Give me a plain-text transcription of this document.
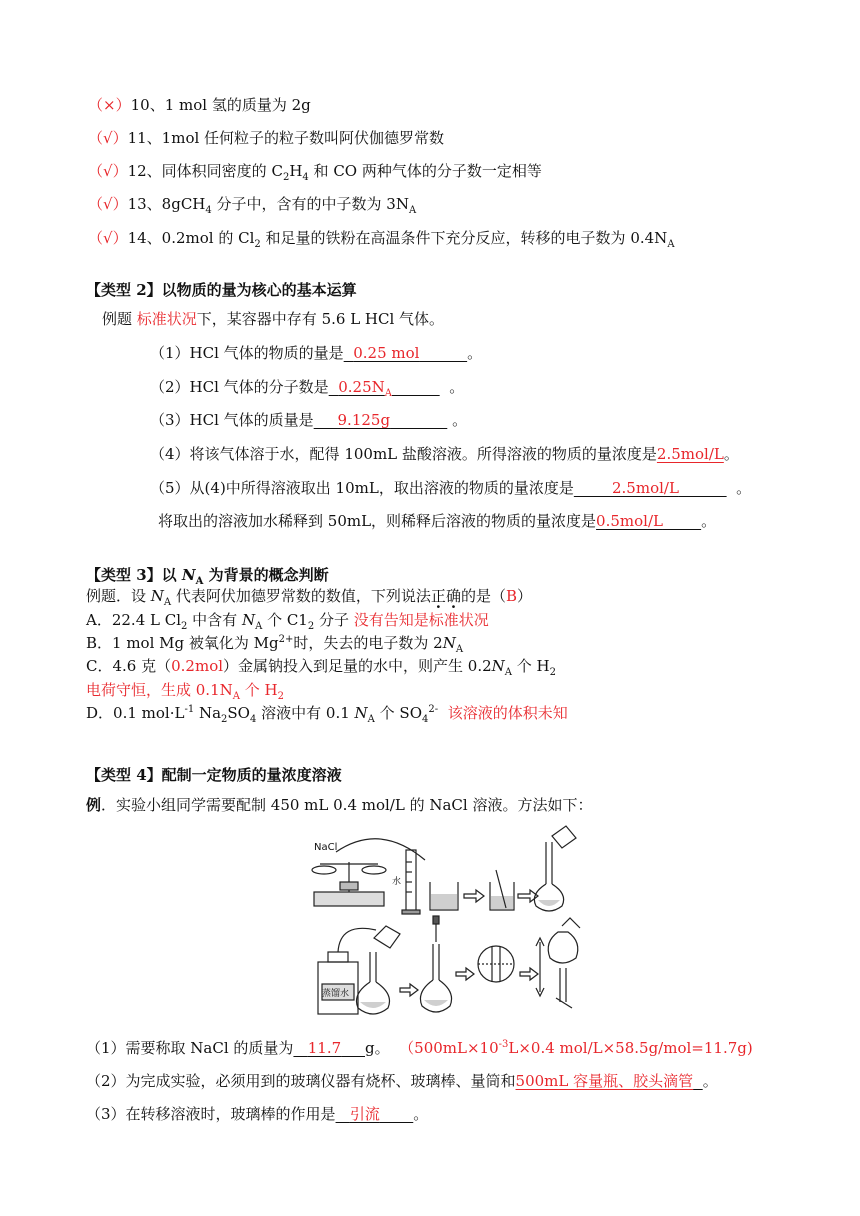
（×）10、1 mol 氢的质量为 2g
（√）11、1mol 任何粒子的粒子数叫阿伏伽德罗常数
（√）12、同体积同密度的 $C_2H_4$ 和 CO 两种气体的分子数一定相等
（√）13、8gCH$_4$ 分子中，含有的中子数为 $3N_A$
（√）14、0.2mol 的 $Cl_2$ 和足量的铁粉在高温条件下充分反应，转移的电子数为 $0.4N_A$
【类型 2】以物质的量为核心的基本运算
例题 标准状况下，某容器中存有 5.6 L HCl 气体。
（1）HCl 气体的物质的量是 0.25 mol	。
（2）HCl 气体的分子数是 $0.25N_A$	。
（3）HCl 气体的质量是 9.125g	。
（4）将该气体溶于水，配得 100mL 盐酸溶液。所得溶液的物质的量浓度是2.5mol/L。
（5）从(4)中所得溶液取出 10mL，取出溶液的物质的量浓度是	2.5mol/L	。
将取出的溶液加水稀释到 50mL，则稀释后溶液的物质的量浓度是0.5mol/L	。
【类型 3】以 $N_A$ 为背景的概念判断
例题．设 $N_A$ 代表阿伏加德罗常数的数值，下列说法正确的是（B）
A．22.4 L $Cl_2$ 中含有 $N_A$ 个 $C1_2$ 分子 没有告知是标准状况
B．1 mol Mg 被氧化为 $Mg^{2+}$时，失去的电子数为 $2N_A$
C．4.6 克（0.2mol）金属钠投入到足量的水中，则产生 $0.2N_A$ 个 $H_2$
电荷守恒，生成 $0.1N_A$ 个 $H_2$
D．0.1 $mol\cdot L^{-1}$ $Na_2SO_4$ 溶液中有 0.1 $N_A$ 个 $SO_4^{2-}$ 该溶液的体积未知
【类型 4】配制一定物质的量浓度溶液
例．实验小组同学需要配制 450 mL 0.4 mol/L 的 NaCl 溶液。方法如下：
NaCl
水
蒸馏水
（1）需要称取 NaCl 的质量为 11.7 g。 （$500mL\times 10^{-3}L\times 0.4$ mol/L×58.5g/mol=11.7g)
（2）为完成实验，必须用到的玻璃仪器有烧杯、玻璃棒、量筒和500mL 容量瓶、胶头滴管 。
（3）在转移溶液时，玻璃棒的作用是 引流 。
